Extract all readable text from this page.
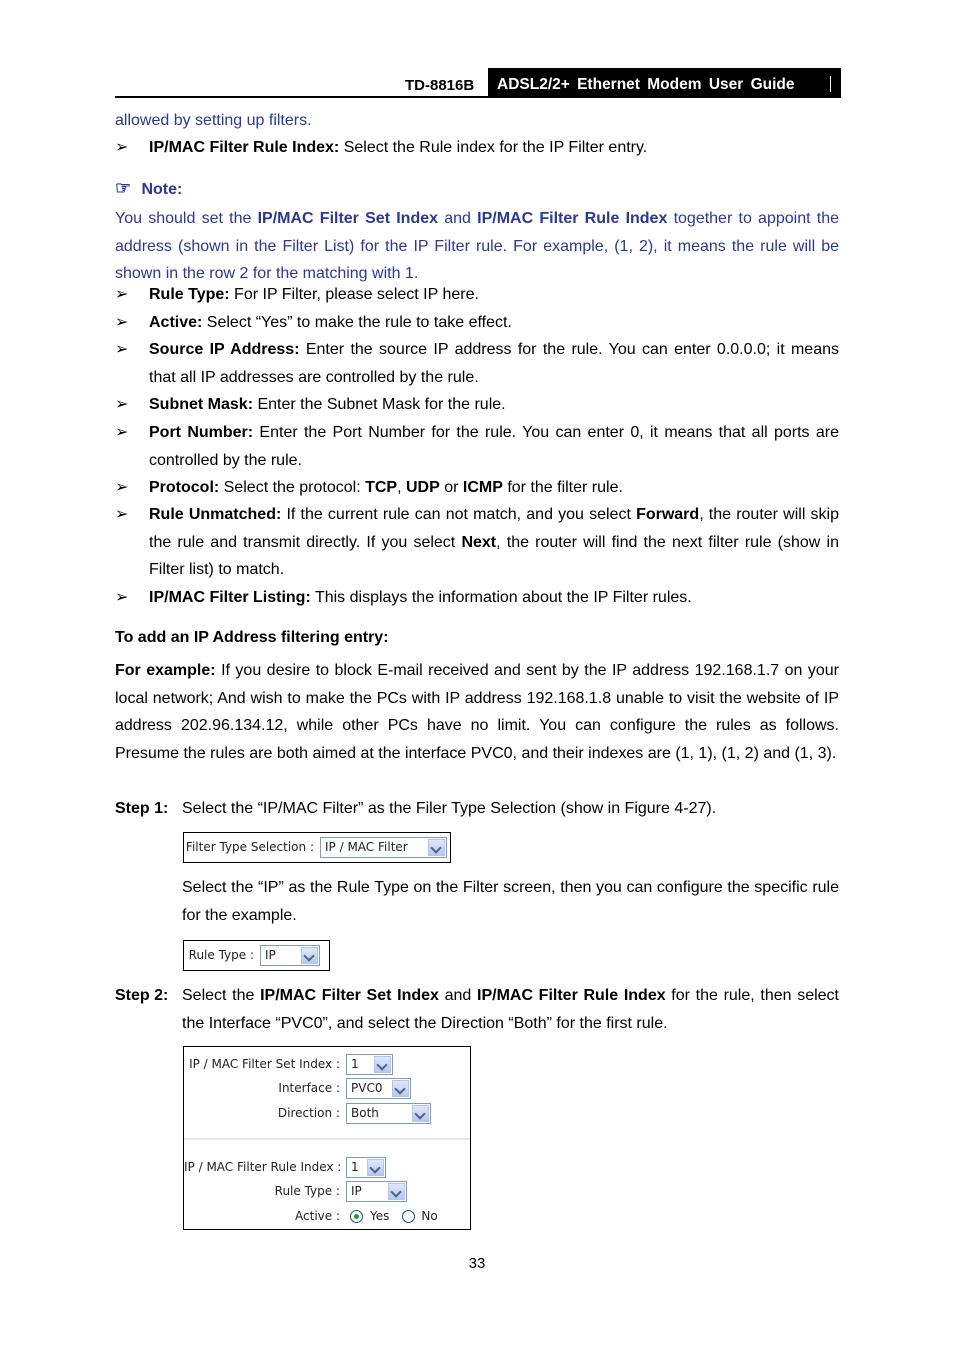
TD-8816B	ADSL2/2+ Ethernet Modem User Guide
allowed by setting up filters.
➢ IP/MAC Filter Rule Index: Select the Rule index for the IP Filter entry.
☞ Note:
You should set the IP/MAC Filter Set Index and IP/MAC Filter Rule Index together to appoint the address (shown in the Filter List) for the IP Filter rule. For example, (1, 2), it means the rule will be shown in the row 2 for the matching with 1.
➢ Rule Type: For IP Filter, please select IP here.
➢ Active: Select “Yes” to make the rule to take effect.
➢ Source IP Address: Enter the source IP address for the rule. You can enter 0.0.0.0; it means that all IP addresses are controlled by the rule.
➢ Subnet Mask: Enter the Subnet Mask for the rule.
➢ Port Number: Enter the Port Number for the rule. You can enter 0, it means that all ports are controlled by the rule.
➢ Protocol: Select the protocol: TCP, UDP or ICMP for the filter rule.
➢ Rule Unmatched: If the current rule can not match, and you select Forward, the router will skip the rule and transmit directly. If you select Next, the router will find the next filter rule (show in Filter list) to match.
➢ IP/MAC Filter Listing: This displays the information about the IP Filter rules.
To add an IP Address filtering entry:
For example: If you desire to block E-mail received and sent by the IP address 192.168.1.7 on your local network; And wish to make the PCs with IP address 192.168.1.8 unable to visit the website of IP address 202.96.134.12, while other PCs have no limit. You can configure the rules as follows. Presume the rules are both aimed at the interface PVC0, and their indexes are (1, 1), (1, 2) and (1, 3).
Step 1: Select the “IP/MAC Filter” as the Filer Type Selection (show in Figure 4-27).
Filter Type Selection : IP / MAC Filter
Select the “IP” as the Rule Type on the Filter screen, then you can configure the specific rule for the example.
Rule Type : IP
Step 2: Select the IP/MAC Filter Set Index and IP/MAC Filter Rule Index for the rule, then select the Interface “PVC0”, and select the Direction “Both” for the first rule.
IP / MAC Filter Set Index : 1
Interface : PVC0
Direction : Both
IP / MAC Filter Rule Index : 1
Rule Type : IP
Active :	Yes	No
33
